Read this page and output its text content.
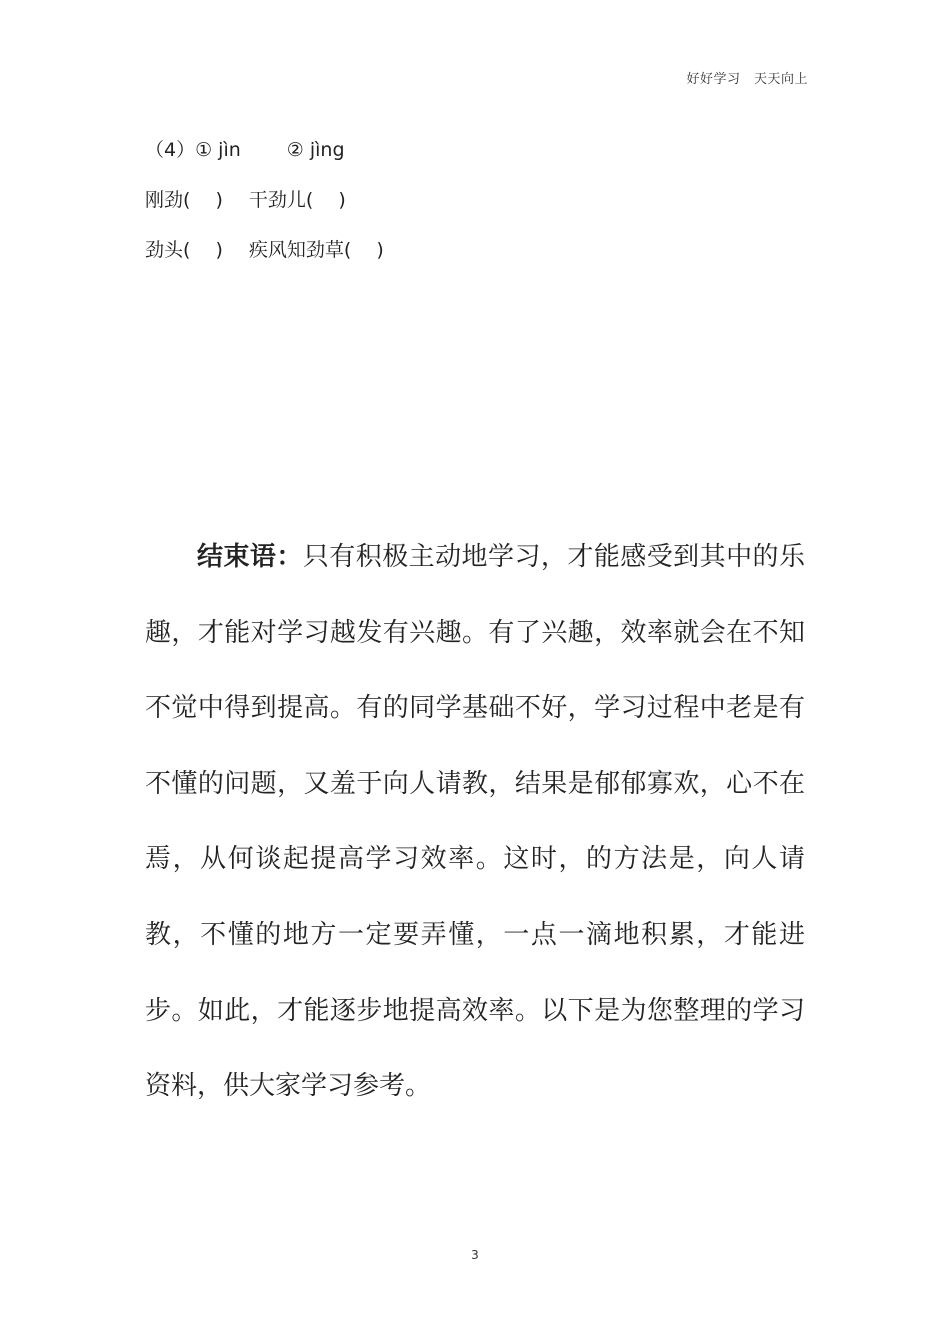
好好学习　天天向上
（4）① jìn ② jìng
刚劲(　 ) 干劲儿(　 )
劲头(　 ) 疾风知劲草(　 )

结束语：只有积极主动地学习，才能感受到其中的乐趣，才能对学习越发有兴趣。有了兴趣，效率就会在不知不觉中得到提高。有的同学基础不好，学习过程中老是有不懂的问题，又羞于向人请教，结果是郁郁寡欢，心不在焉，从何谈起提高学习效率。这时，的方法是，向人请教，不懂的地方一定要弄懂，一点一滴地积累，才能进步。如此，才能逐步地提高效率。以下是为您整理的学习资料，供大家学习参考。

3
